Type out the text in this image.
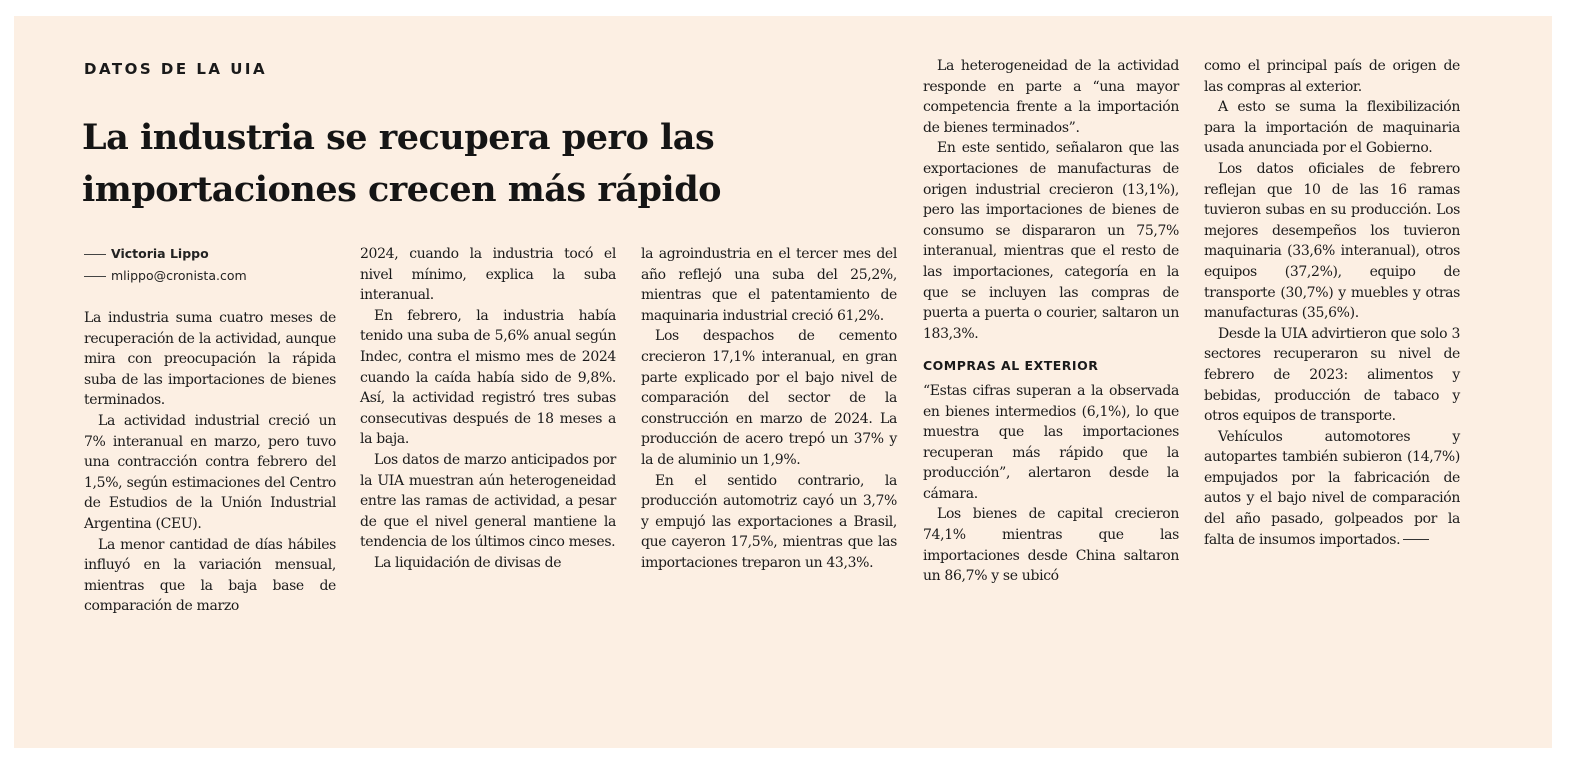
DATOS DE LA UIA
La industria se recupera pero las
importaciones crecen más rápido
Victoria Lippo
mlippo@cronista.com

La industria suma cuatro meses de recuperación de la actividad, aunque mira con preocupación la rápida suba de las importaciones de bienes terminados.

La actividad industrial creció un 7% interanual en marzo, pero tuvo una contracción contra febrero del 1,5%, según estimaciones del Centro de Estudios de la Unión Industrial Argentina (CEU).

La menor cantidad de días hábiles influyó en la variación mensual, mientras que la baja base de comparación de marzo

2024, cuando la industria tocó el nivel mínimo, explica la suba interanual.

En febrero, la industria había tenido una suba de 5,6% anual según Indec, contra el mismo mes de 2024 cuando la caída había sido de 9,8%. Así, la actividad registró tres subas consecutivas después de 18 meses a la baja.

Los datos de marzo anticipados por la UIA muestran aún heterogeneidad entre las ramas de actividad, a pesar de que el nivel general mantiene la tendencia de los últimos cinco meses.

La liquidación de divisas de

la agroindustria en el tercer mes del año reflejó una suba del 25,2%, mientras que el patentamiento de maquinaria industrial creció 61,2%.

Los despachos de cemento crecieron 17,1% interanual, en gran parte explicado por el bajo nivel de comparación del sector de la construcción en marzo de 2024. La producción de acero trepó un 37% y la de aluminio un 1,9%.

En el sentido contrario, la producción automotriz cayó un 3,7% y empujó las exportaciones a Brasil, que cayeron 17,5%, mientras que las importaciones treparon un 43,3%.

La heterogeneidad de la actividad responde en parte a “una mayor competencia frente a la importación de bienes terminados”.

En este sentido, señalaron que las exportaciones de manufacturas de origen industrial crecieron (13,1%), pero las importaciones de bienes de consumo se dispararon un 75,7% interanual, mientras que el resto de las importaciones, categoría en la que se incluyen las compras de puerta a puerta o courier, saltaron un 183,3%.

COMPRAS AL EXTERIOR

“Estas cifras superan a la observada en bienes intermedios (6,1%), lo que muestra que las importaciones recuperan más rápido que la producción”, alertaron desde la cámara.

Los bienes de capital crecieron 74,1% mientras que las importaciones desde China saltaron un 86,7% y se ubicó

como el principal país de origen de las compras al exterior.

A esto se suma la flexibilización para la importación de maquinaria usada anunciada por el Gobierno.

Los datos oficiales de febrero reflejan que 10 de las 16 ramas tuvieron subas en su producción. Los mejores desempeños los tuvieron maquinaria (33,6% interanual), otros equipos (37,2%), equipo de transporte (30,7%) y muebles y otras manufacturas (35,6%).

Desde la UIA advirtieron que solo 3 sectores recuperaron su nivel de febrero de 2023: alimentos y bebidas, producción de tabaco y otros equipos de transporte.

Vehículos automotores y autopartes también subieron (14,7%) empujados por la fabricación de autos y el bajo nivel de comparación del año pasado, golpeados por la falta de insumos importados.
